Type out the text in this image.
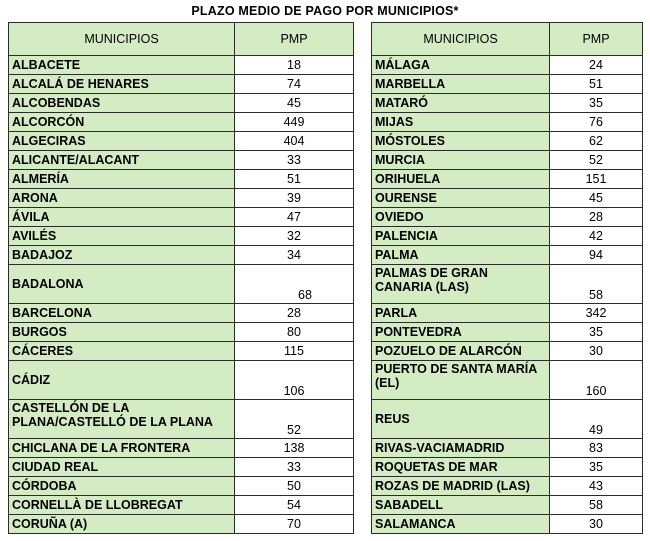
PLAZO MEDIO DE PAGO POR MUNICIPIOS*
MUNICIPIOS	PMP
ALBACETE	18
ALCALÁ DE HENARES	74
ALCOBENDAS	45
ALCORCÓN	449
ALGECIRAS	404
ALICANTE/ALACANT	33
ALMERÍA	51
ARONA	39
ÁVILA	47
AVILÉS	32
BADAJOZ	34
BADALONA	68
BARCELONA	28
BURGOS	80
CÁCERES	115
CÁDIZ	106
CASTELLÓN DE LA PLANA/CASTELLÓ DE LA PLANA	52
CHICLANA DE LA FRONTERA	138
CIUDAD REAL	33
CÓRDOBA	50
CORNELLÀ DE LLOBREGAT	54
CORUÑA (A)	70
MUNICIPIOS	PMP
MÁLAGA	24
MARBELLA	51
MATARÓ	35
MIJAS	76
MÓSTOLES	62
MURCIA	52
ORIHUELA	151
OURENSE	45
OVIEDO	28
PALENCIA	42
PALMA	94
PALMAS DE GRAN CANARIA (LAS)	58
PARLA	342
PONTEVEDRA	35
POZUELO DE ALARCÓN	30
PUERTO DE SANTA MARÍA (EL)	160
REUS	49
RIVAS-VACIAMADRID	83
ROQUETAS DE MAR	35
ROZAS DE MADRID (LAS)	43
SABADELL	58
SALAMANCA	30
